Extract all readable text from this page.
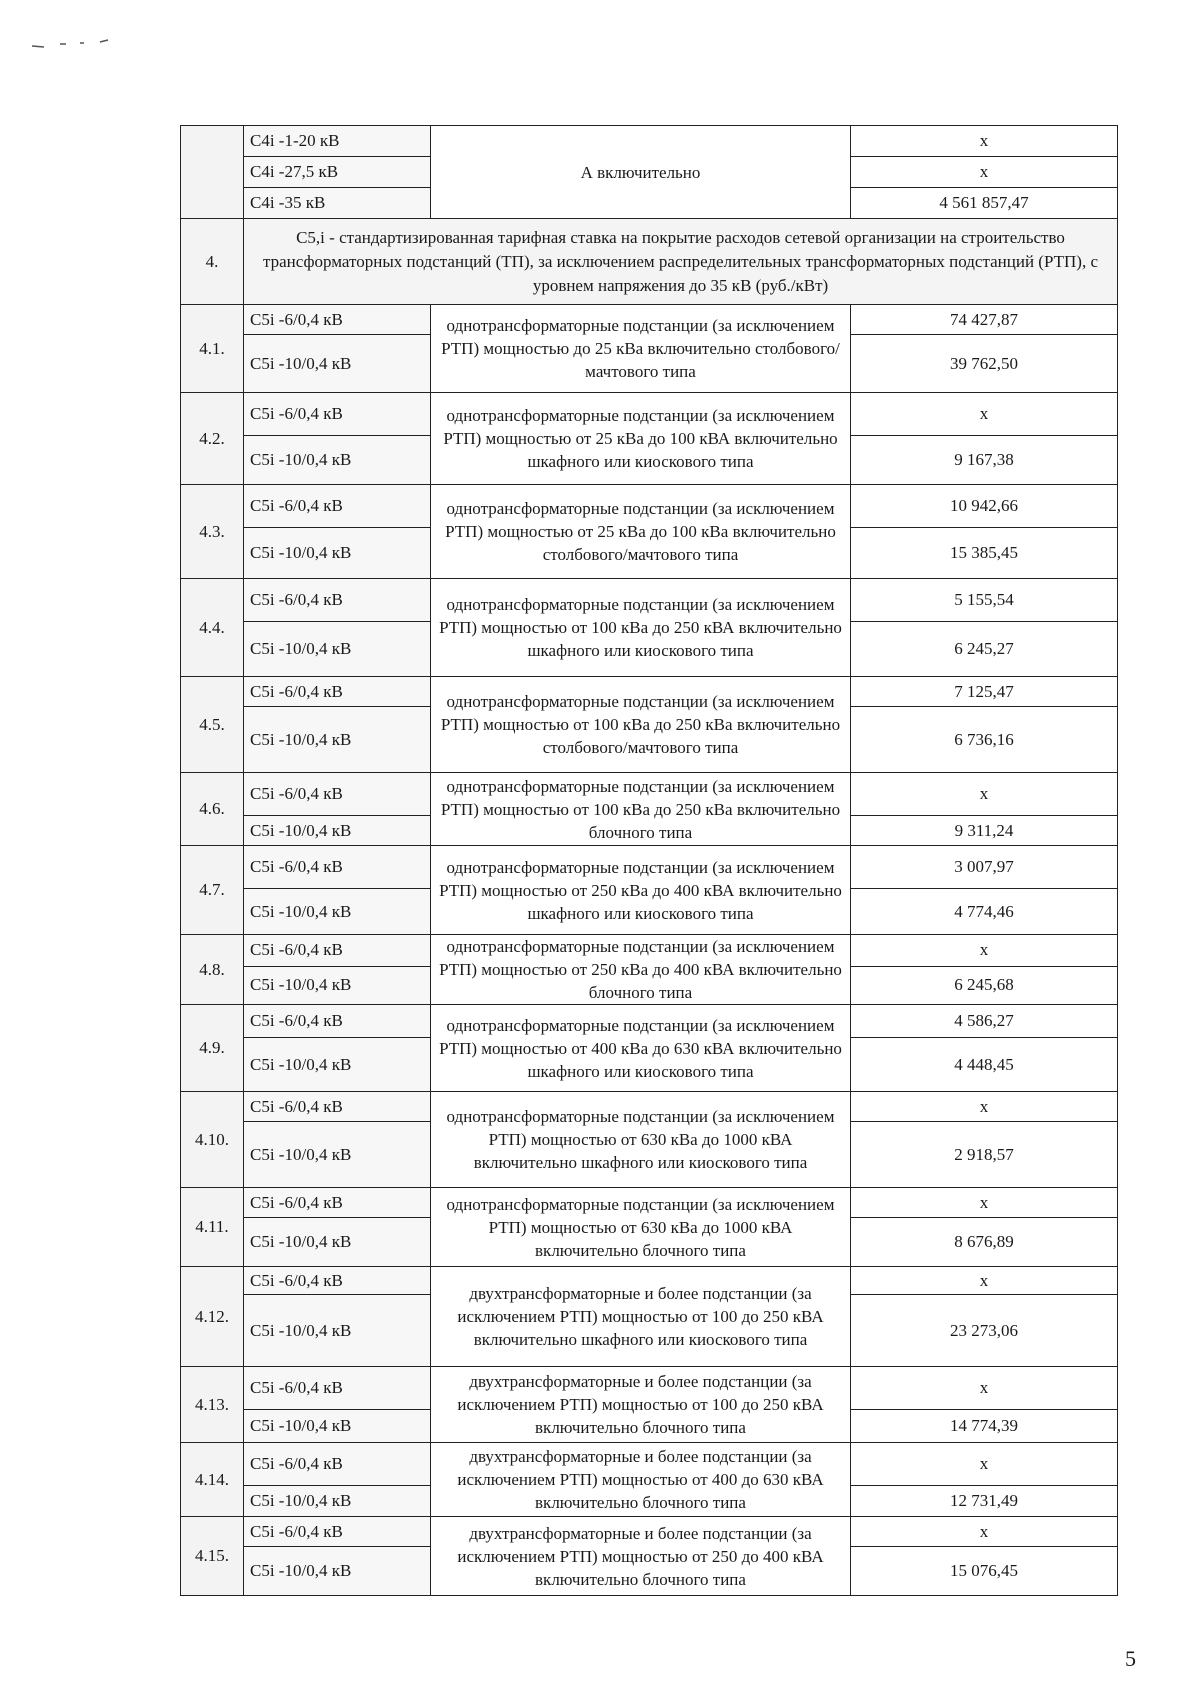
	C4i -1-20 кВ	А включительно	х
	C4i -27,5 кВ		х
	C4i -35 кВ		4 561 857,47
4.	C5,i - стандартизированная тарифная ставка на покрытие расходов сетевой организации на строительство трансформаторных подстанций (ТП), за исключением распределительных трансформаторных подстанций (РТП), с уровнем напряжения до 35 кВ (руб./кВт)		
4.1.	C5i -6/0,4 кВ	однотрансформаторные подстанции (за исключением РТП) мощностью до 25 кВа включительно столбового/мачтового типа	74 427,87
	C5i -10/0,4 кВ		39 762,50
4.2.	C5i -6/0,4 кВ	однотрансформаторные подстанции (за исключением РТП) мощностью от 25 кВа до 100 кВА включительно шкафного или киоскового типа	х
	C5i -10/0,4 кВ		9 167,38
4.3.	C5i -6/0,4 кВ	однотрансформаторные подстанции (за исключением РТП) мощностью от 25 кВа до 100 кВа включительно столбового/мачтового типа	10 942,66
	C5i -10/0,4 кВ		15 385,45
4.4.	C5i -6/0,4 кВ	однотрансформаторные подстанции (за исключением РТП) мощностью от 100 кВа до 250 кВА включительно шкафного или киоскового типа	5 155,54
	C5i -10/0,4 кВ		6 245,27
4.5.	C5i -6/0,4 кВ	однотрансформаторные подстанции (за исключением РТП) мощностью от 100 кВа до 250 кВа включительно столбового/мачтового типа	7 125,47
	C5i -10/0,4 кВ		6 736,16
4.6.	C5i -6/0,4 кВ	однотрансформаторные подстанции (за исключением РТП) мощностью от 100 кВа до 250 кВа включительно блочного типа	х
	C5i -10/0,4 кВ		9 311,24
4.7.	C5i -6/0,4 кВ	однотрансформаторные подстанции (за исключением РТП) мощностью от 250 кВа до 400 кВА включительно шкафного или киоскового типа	3 007,97
	C5i -10/0,4 кВ		4 774,46
4.8.	C5i -6/0,4 кВ	однотрансформаторные подстанции (за исключением РТП) мощностью от 250 кВа до 400 кВА включительно блочного типа	х
	C5i -10/0,4 кВ		6 245,68
4.9.	C5i -6/0,4 кВ	однотрансформаторные подстанции (за исключением РТП) мощностью от 400 кВа до 630 кВА включительно шкафного или киоскового типа	4 586,27
	C5i -10/0,4 кВ		4 448,45
4.10.	C5i -6/0,4 кВ	однотрансформаторные подстанции (за исключением РТП) мощностью от 630 кВа до 1000 кВА включительно шкафного или киоскового типа	х
	C5i -10/0,4 кВ		2 918,57
4.11.	C5i -6/0,4 кВ	однотрансформаторные подстанции (за исключением РТП) мощностью от 630 кВа до 1000 кВА включительно блочного типа	х
	C5i -10/0,4 кВ		8 676,89
4.12.	C5i -6/0,4 кВ	двухтрансформаторные и более подстанции (за исключением РТП) мощностью от 100 до 250 кВА включительно шкафного или киоскового типа	х
	C5i -10/0,4 кВ		23 273,06
4.13.	C5i -6/0,4 кВ	двухтрансформаторные и более подстанции (за исключением РТП) мощностью от 100 до 250 кВА включительно блочного типа	х
	C5i -10/0,4 кВ		14 774,39
4.14.	C5i -6/0,4 кВ	двухтрансформаторные и более подстанции (за исключением РТП) мощностью от 400 до 630 кВА включительно блочного типа	х
	C5i -10/0,4 кВ		12 731,49
4.15.	C5i -6/0,4 кВ	двухтрансформаторные и более подстанции (за исключением РТП) мощностью от 250 до 400 кВА включительно блочного типа	х
	C5i -10/0,4 кВ		15 076,45
5
